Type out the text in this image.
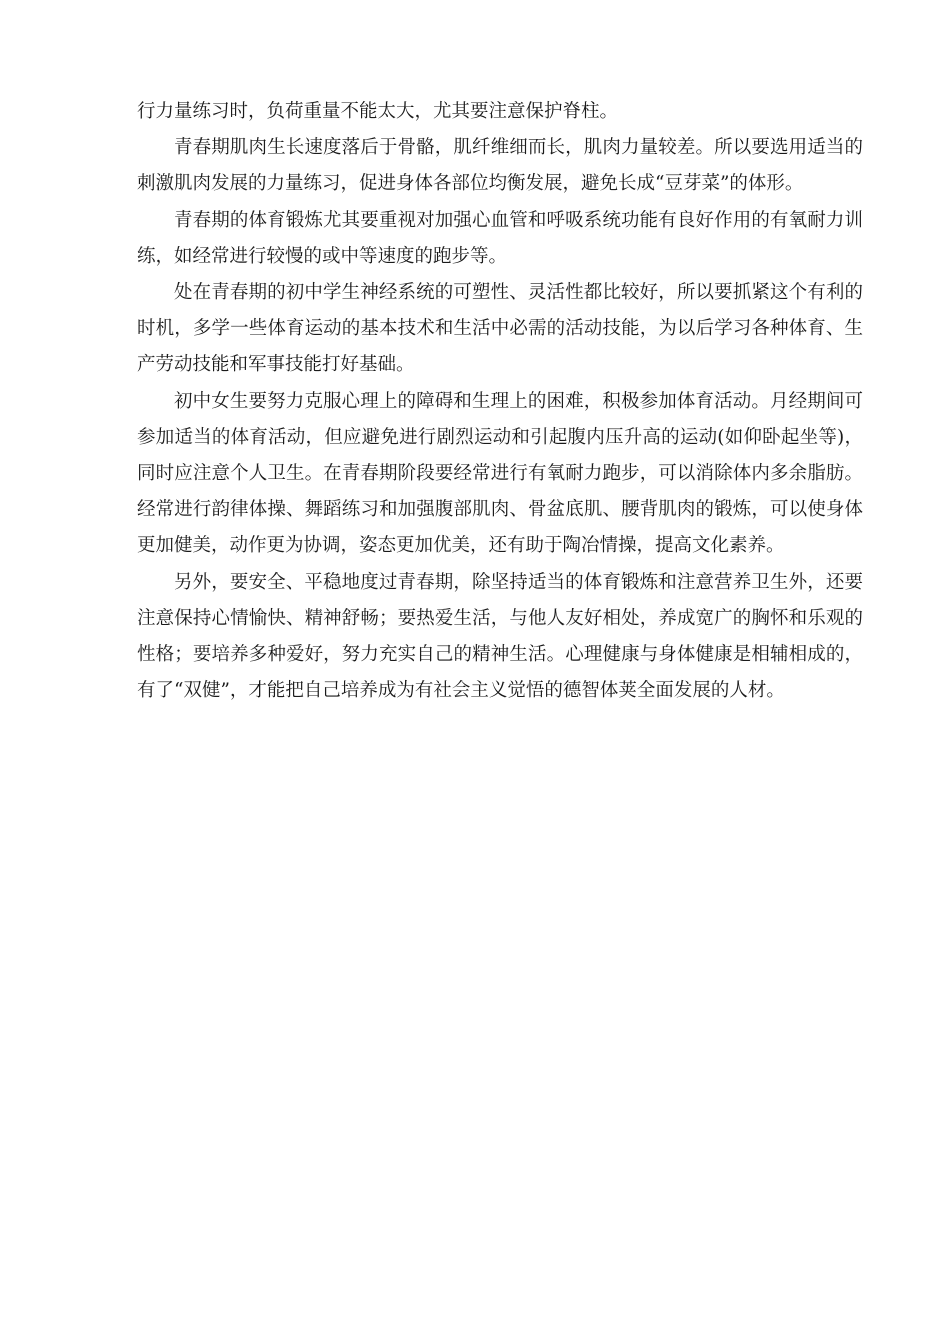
行力量练习时，负荷重量不能太大，尤其要注意保护脊柱。

青春期肌肉生长速度落后于骨骼，肌纤维细而长，肌肉力量较差。所以要选用适当的刺激肌肉发展的力量练习，促进身体各部位均衡发展，避免长成“豆芽菜”的体形。

青春期的体育锻炼尤其要重视对加强心血管和呼吸系统功能有良好作用的有氧耐力训练，如经常进行较慢的或中等速度的跑步等。

处在青春期的初中学生神经系统的可塑性、灵活性都比较好，所以要抓紧这个有利的时机，多学一些体育运动的基本技术和生活中必需的活动技能，为以后学习各种体育、生产劳动技能和军事技能打好基础。

初中女生要努力克服心理上的障碍和生理上的困难，积极参加体育活动。月经期间可参加适当的体育活动，但应避免进行剧烈运动和引起腹内压升高的运动(如仰卧起坐等)，同时应注意个人卫生。在青春期阶段要经常进行有氧耐力跑步，可以消除体内多余脂肪。经常进行韵律体操、舞蹈练习和加强腹部肌肉、骨盆底肌、腰背肌肉的锻炼，可以使身体更加健美，动作更为协调，姿态更加优美，还有助于陶冶情操，提高文化素养。

另外，要安全、平稳地度过青春期，除坚持适当的体育锻炼和注意营养卫生外，还要注意保持心情愉快、精神舒畅；要热爱生活，与他人友好相处，养成宽广的胸怀和乐观的性格；要培养多种爱好，努力充实自己的精神生活。心理健康与身体健康是相辅相成的，有了“双健”，才能把自己培养成为有社会主义觉悟的德智体荚全面发展的人材。
